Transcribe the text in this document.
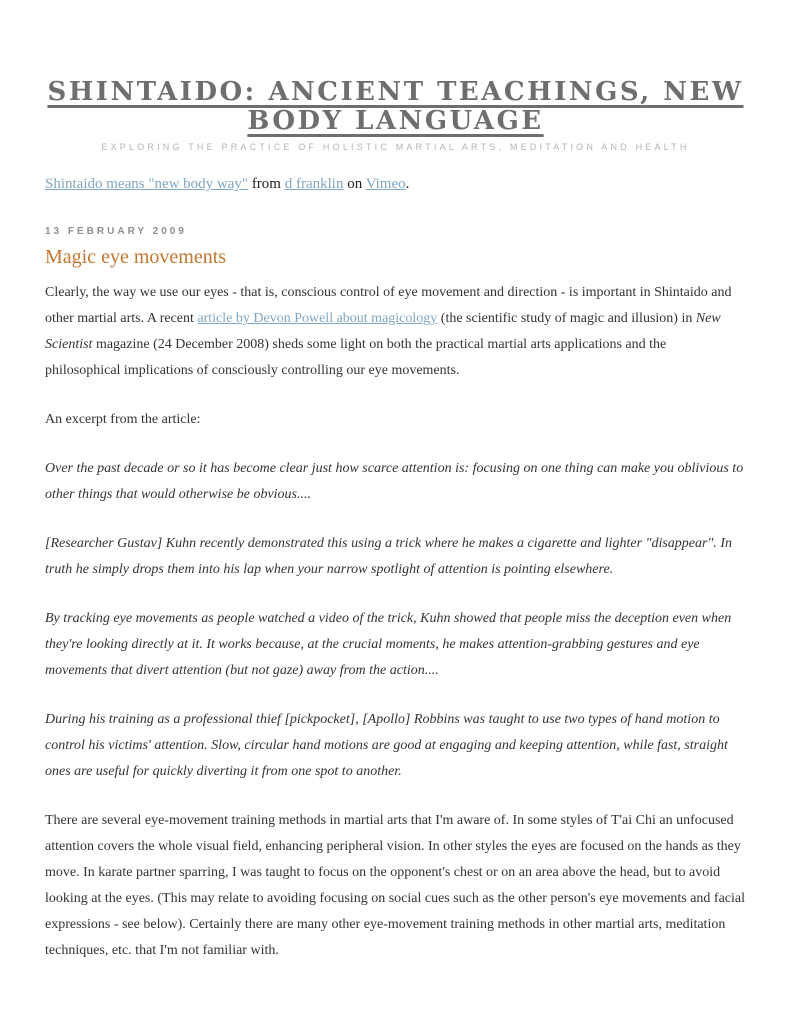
SHINTAIDO: ANCIENT TEACHINGS, NEW
BODY LANGUAGE
EXPLORING THE PRACTICE OF HOLISTIC MARTIAL ARTS, MEDITATION AND HEALTH

Shintaido means "new body way" from d franklin on Vimeo.

13 FEBRUARY 2009
Magic eye movements

Clearly, the way we use our eyes - that is, conscious control of eye movement and direction - is important in Shintaido and other martial arts. A recent article by Devon Powell about magicology (the scientific study of magic and illusion) in New Scientist magazine (24 December 2008) sheds some light on both the practical martial arts applications and the philosophical implications of consciously controlling our eye movements.

An excerpt from the article:

Over the past decade or so it has become clear just how scarce attention is: focusing on one thing can make you oblivious to other things that would otherwise be obvious....

[Researcher Gustav] Kuhn recently demonstrated this using a trick where he makes a cigarette and lighter "disappear". In truth he simply drops them into his lap when your narrow spotlight of attention is pointing elsewhere.

By tracking eye movements as people watched a video of the trick, Kuhn showed that people miss the deception even when they're looking directly at it. It works because, at the crucial moments, he makes attention-grabbing gestures and eye movements that divert attention (but not gaze) away from the action....

During his training as a professional thief [pickpocket], [Apollo] Robbins was taught to use two types of hand motion to control his victims' attention. Slow, circular hand motions are good at engaging and keeping attention, while fast, straight ones are useful for quickly diverting it from one spot to another.

There are several eye-movement training methods in martial arts that I'm aware of. In some styles of T'ai Chi an unfocused attention covers the whole visual field, enhancing peripheral vision. In other styles the eyes are focused on the hands as they move. In karate partner sparring, I was taught to focus on the opponent's chest or on an area above the head, but to avoid looking at the eyes. (This may relate to avoiding focusing on social cues such as the other person's eye movements and facial expressions - see below). Certainly there are many other eye-movement training methods in other martial arts, meditation techniques, etc. that I'm not familiar with.
